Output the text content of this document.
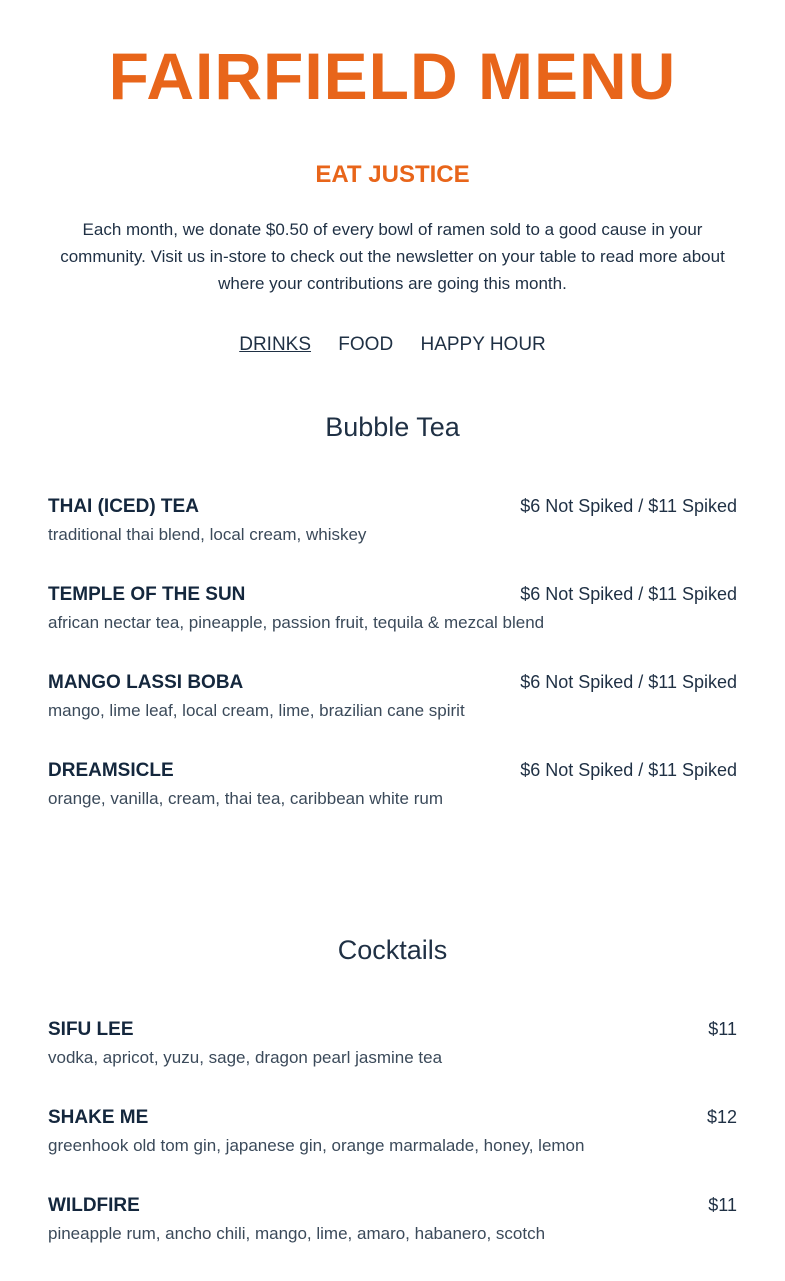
FAIRFIELD MENU
EAT JUSTICE
Each month, we donate $0.50 of every bowl of ramen sold to a good cause in your community. Visit us in-store to check out the newsletter on your table to read more about where your contributions are going this month.
DRINKS FOOD HAPPY HOUR
Bubble Tea
THAI (ICED) TEA	$6 Not Spiked / $11 Spiked
traditional thai blend, local cream, whiskey
TEMPLE OF THE SUN	$6 Not Spiked / $11 Spiked
african nectar tea, pineapple, passion fruit, tequila & mezcal blend
MANGO LASSI BOBA	$6 Not Spiked / $11 Spiked
mango, lime leaf, local cream, lime, brazilian cane spirit
DREAMSICLE	$6 Not Spiked / $11 Spiked
orange, vanilla, cream, thai tea, caribbean white rum
Cocktails
SIFU LEE	$11
vodka, apricot, yuzu, sage, dragon pearl jasmine tea
SHAKE ME	$12
greenhook old tom gin, japanese gin, orange marmalade, honey, lemon
WILDFIRE	$11
pineapple rum, ancho chili, mango, lime, amaro, habanero, scotch
